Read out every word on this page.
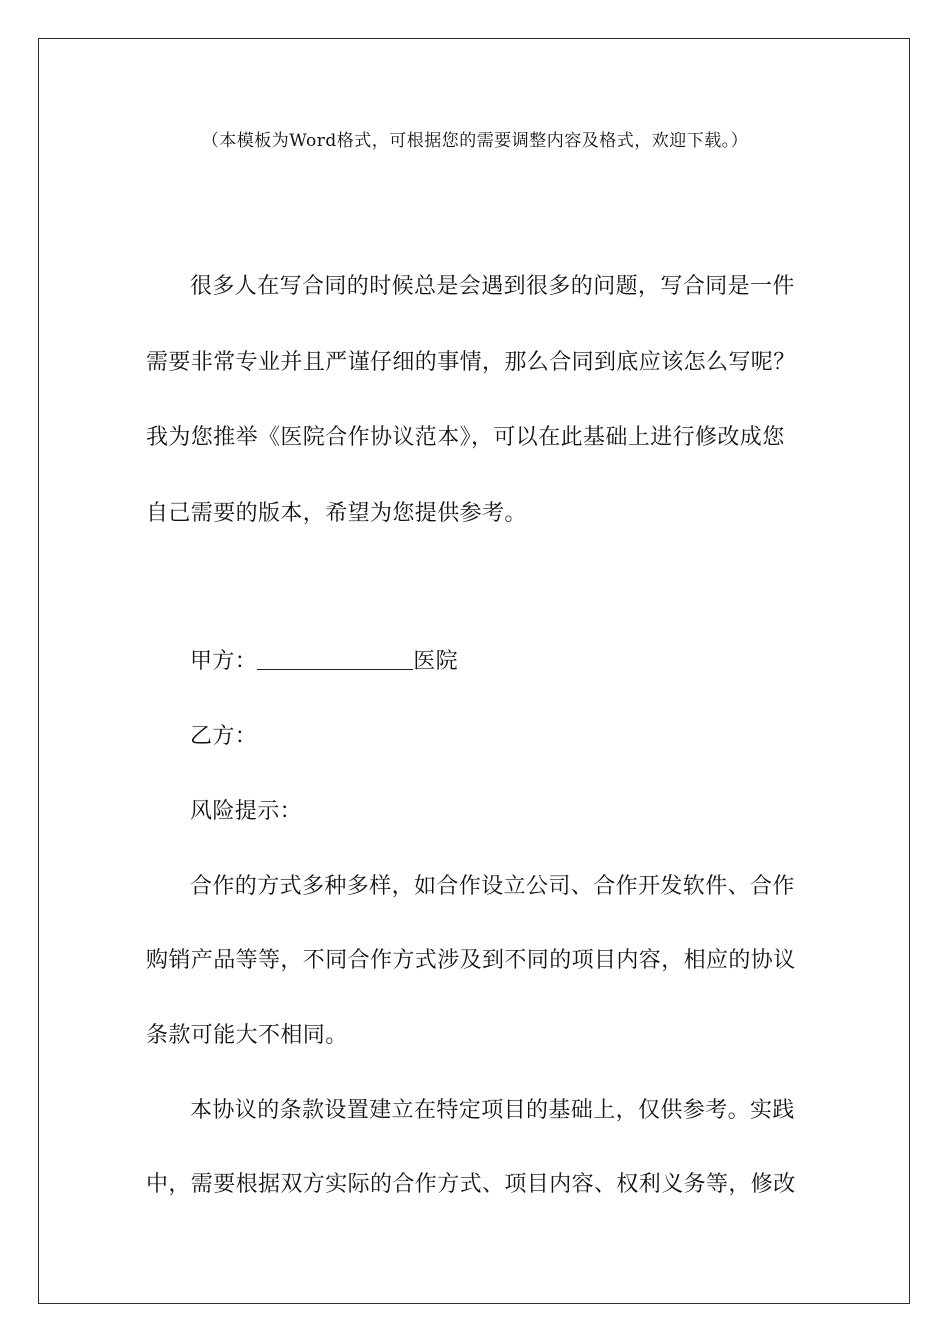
（本模板为Word格式，可根据您的需要调整内容及格式，欢迎下载。）
很多人在写合同的时候总是会遇到很多的问题，写合同是一件
需要非常专业并且严谨仔细的事情，那么合同到底应该怎么写呢？
我为您推举《医院合作协议范本》，可以在此基础上进行修改成您
自己需要的版本，希望为您提供参考。
甲方：	医院
乙方：
风险提示：
合作的方式多种多样，如合作设立公司、合作开发软件、合作
购销产品等等，不同合作方式涉及到不同的项目内容，相应的协议
条款可能大不相同。
本协议的条款设置建立在特定项目的基础上，仅供参考。实践
中，需要根据双方实际的合作方式、项目内容、权利义务等，修改
